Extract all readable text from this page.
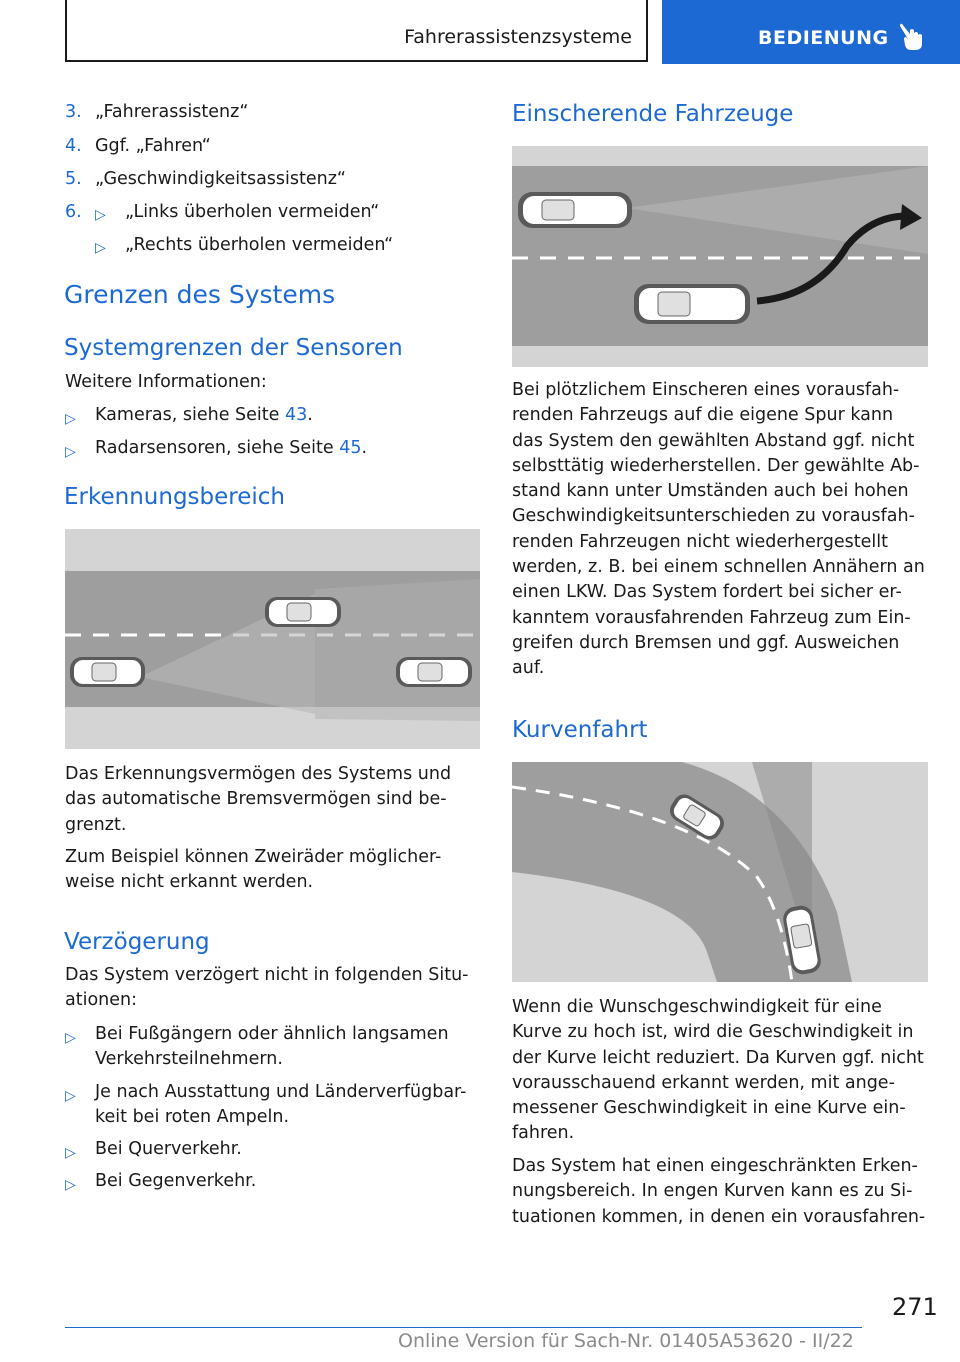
Fahrerassistenzsysteme	BEDIENUNG
3. „Fahrerassistenz“
4. Ggf. „Fahren“
5. „Geschwindigkeitsassistenz“
6. ▷ „Links überholen vermeiden“
▷ „Rechts überholen vermeiden“
Grenzen des Systems
Systemgrenzen der Sensoren
Weitere Informationen:
▷ Kameras, siehe Seite 43.
▷ Radarsensoren, siehe Seite 45.
Erkennungsbereich

Das Erkennungsvermögen des Systems und
das automatische Bremsvermögen sind be-
grenzt.

Zum Beispiel können Zweiräder möglicher-
weise nicht erkannt werden.

Verzögerung

Das System verzögert nicht in folgenden Situ-
ationen:

▷ Bei Fußgängern oder ähnlich langsamen
Verkehrsteilnehmern.
▷ Je nach Ausstattung und Länderverfügbar-
keit bei roten Ampeln.
▷ Bei Querverkehr.
▷ Bei Gegenverkehr.
Einscherende Fahrzeuge

Bei plötzlichem Einscheren eines vorausfah-
renden Fahrzeugs auf die eigene Spur kann
das System den gewählten Abstand ggf. nicht
selbsttätig wiederherstellen. Der gewählte Ab-
stand kann unter Umständen auch bei hohen
Geschwindigkeitsunterschieden zu vorausfah-
renden Fahrzeugen nicht wiederhergestellt
werden, z. B. bei einem schnellen Annähern an
einen LKW. Das System fordert bei sicher er-
kanntem vorausfahrenden Fahrzeug zum Ein-
greifen durch Bremsen und ggf. Ausweichen
auf.

Kurvenfahrt

Wenn die Wunschgeschwindigkeit für eine
Kurve zu hoch ist, wird die Geschwindigkeit in
der Kurve leicht reduziert. Da Kurven ggf. nicht
vorausschauend erkannt werden, mit ange-
messener Geschwindigkeit in eine Kurve ein-
fahren.

Das System hat einen eingeschränkten Erken-
nungsbereich. In engen Kurven kann es zu Si-
tuationen kommen, in denen ein vorausfahren-

271
Online Version für Sach-Nr. 01405A53620 - II/22
